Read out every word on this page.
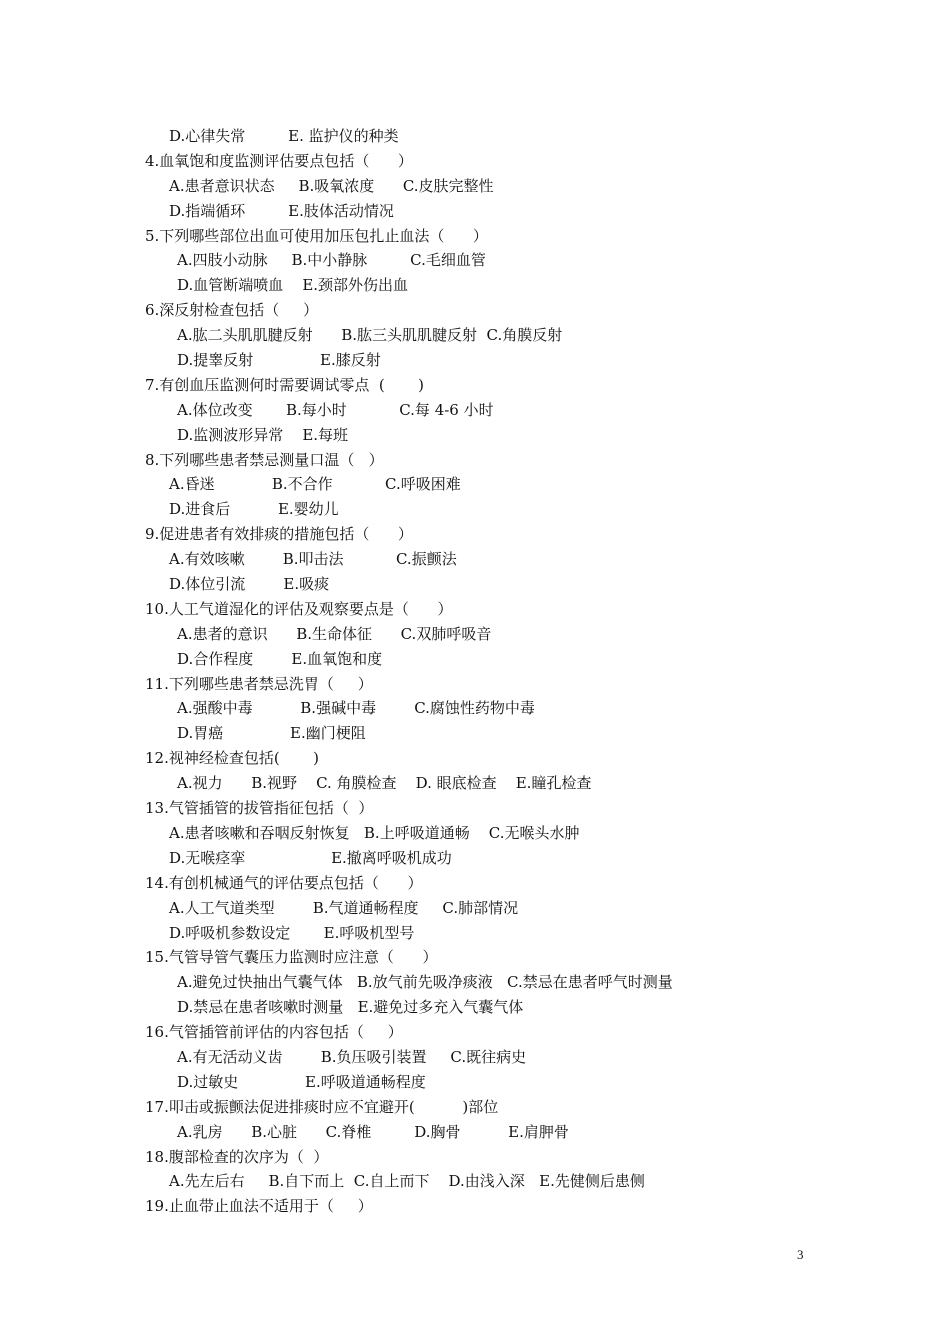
D.心律失常         E. 监护仪的种类
4.血氧饱和度监测评估要点包括（      ）
A.患者意识状态     B.吸氧浓度      C.皮肤完整性
D.指端循环         E.肢体活动情况
5.下列哪些部位出血可使用加压包扎止血法（      ）
A.四肢小动脉     B.中小静脉         C.毛细血管
D.血管断端喷血    E.颈部外伤出血
6.深反射检查包括（     ）
A.肱二头肌肌腱反射      B.肱三头肌肌腱反射  C.角膜反射
D.提睾反射              E.膝反射
7.有创血压监测何时需要调试零点  (       )
A.体位改变       B.每小时           C.每 4-6 小时
D.监测波形异常    E.每班
8.下列哪些患者禁忌测量口温（   ）
A.昏迷            B.不合作           C.呼吸困难
D.进食后          E.婴幼儿
9.促进患者有效排痰的措施包括（      ）
A.有效咳嗽        B.叩击法           C.振颤法
D.体位引流        E.吸痰
10.人工气道湿化的评估及观察要点是（      ）
A.患者的意识      B.生命体征      C.双肺呼吸音
D.合作程度        E.血氧饱和度
11.下列哪些患者禁忌洗胃（     ）
A.强酸中毒          B.强碱中毒        C.腐蚀性药物中毒
D.胃癌              E.幽门梗阻
12.视神经检查包括(       )
A.视力      B.视野    C. 角膜检查    D. 眼底检查    E.瞳孔检查
13.气管插管的拔管指征包括（  ）
A.患者咳嗽和吞咽反射恢复   B.上呼吸道通畅    C.无喉头水肿
D.无喉痉挛                  E.撤离呼吸机成功
14.有创机械通气的评估要点包括（      ）
A.人工气道类型        B.气道通畅程度     C.肺部情况
D.呼吸机参数设定       E.呼吸机型号
15.气管导管气囊压力监测时应注意（      ）
A.避免过快抽出气囊气体   B.放气前先吸净痰液   C.禁忌在患者呼气时测量
D.禁忌在患者咳嗽时测量   E.避免过多充入气囊气体
16.气管插管前评估的内容包括（     ）
A.有无活动义齿        B.负压吸引装置     C.既往病史
D.过敏史              E.呼吸道通畅程度
17.叩击或振颤法促进排痰时应不宜避开(          )部位
A.乳房      B.心脏      C.脊椎         D.胸骨          E.肩胛骨
18.腹部检查的次序为（  ）
A.先左后右     B.自下而上  C.自上而下    D.由浅入深   E.先健侧后患侧
19.止血带止血法不适用于（     ）
3
